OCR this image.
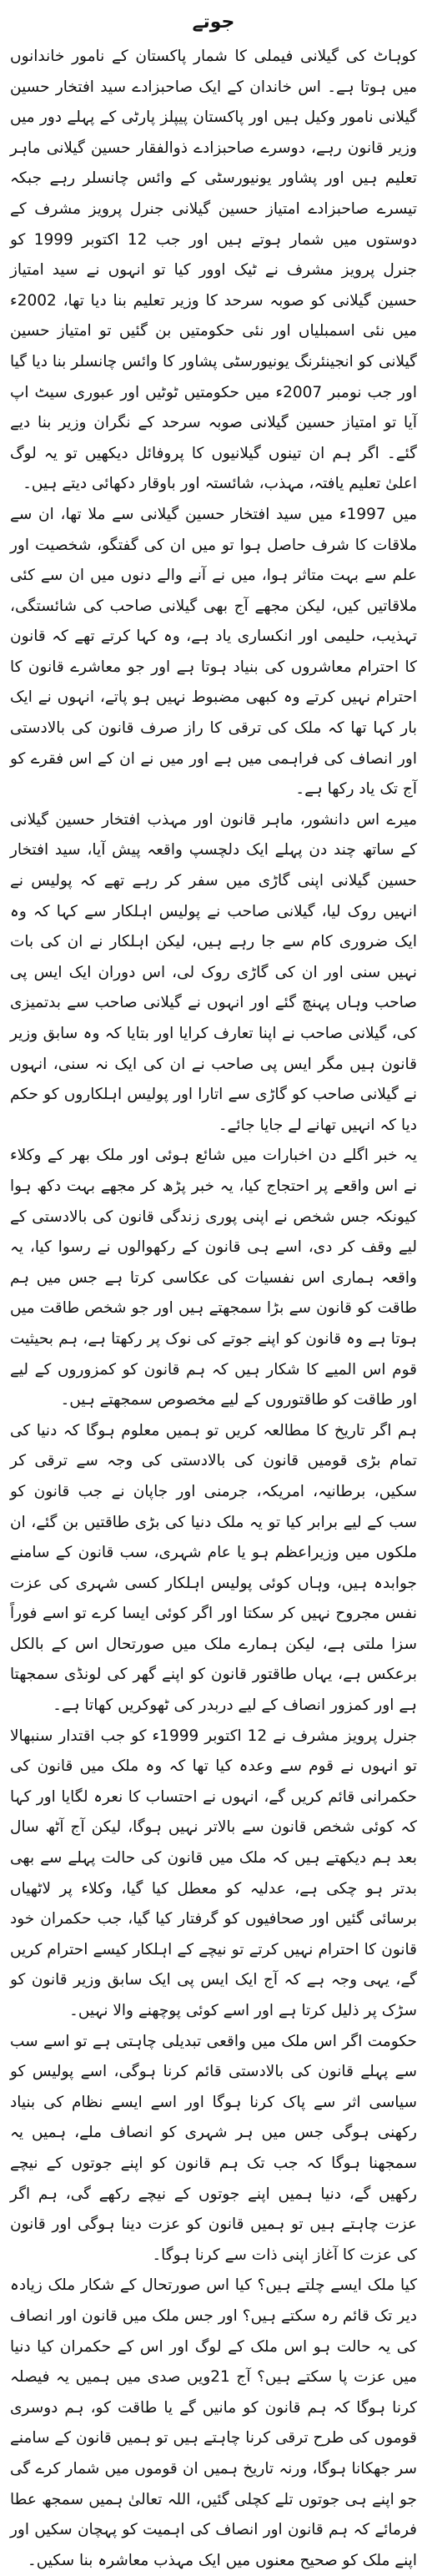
جوتے

کوہاٹ کی گیلانی فیملی کا شمار پاکستان کے نامور خاندانوں میں ہوتا ہے۔ اس خاندان کے ایک صاحبزادے سید افتخار حسین گیلانی نامور وکیل ہیں اور پاکستان پیپلز پارٹی کے پہلے دور میں وزیر قانون رہے، دوسرے صاحبزادے ذوالفقار حسین گیلانی ماہر تعلیم ہیں اور پشاور یونیورسٹی کے وائس چانسلر رہے جبکہ تیسرے صاحبزادے امتیاز حسین گیلانی جنرل پرویز مشرف کے دوستوں میں شمار ہوتے ہیں اور جب 12 اکتوبر 1999 کو جنرل پرویز مشرف نے ٹیک اوور کیا تو انہوں نے سید امتیاز حسین گیلانی کو صوبہ سرحد کا وزیر تعلیم بنا دیا تھا، 2002ء میں نئی اسمبلیاں اور نئی حکومتیں بن گئیں تو امتیاز حسین گیلانی کو انجینئرنگ یونیورسٹی پشاور کا وائس چانسلر بنا دیا گیا اور جب نومبر 2007ء میں حکومتیں ٹوٹیں اور عبوری سیٹ اپ آیا تو امتیاز حسین گیلانی صوبہ سرحد کے نگران وزیر بنا دیے گئے۔ اگر ہم ان تینوں گیلانیوں کا پروفائل دیکھیں تو یہ لوگ اعلیٰ تعلیم یافتہ، مہذب، شائستہ اور باوقار دکھائی دیتے ہیں۔

میں 1997ء میں سید افتخار حسین گیلانی سے ملا تھا، ان سے ملاقات کا شرف حاصل ہوا تو میں ان کی گفتگو، شخصیت اور علم سے بہت متاثر ہوا، میں نے آنے والے دنوں میں ان سے کئی ملاقاتیں کیں، لیکن مجھے آج بھی گیلانی صاحب کی شائستگی، تہذیب، حلیمی اور انکساری یاد ہے، وہ کہا کرتے تھے کہ قانون کا احترام معاشروں کی بنیاد ہوتا ہے اور جو معاشرے قانون کا احترام نہیں کرتے وہ کبھی مضبوط نہیں ہو پاتے، انہوں نے ایک بار کہا تھا کہ ملک کی ترقی کا راز صرف قانون کی بالادستی اور انصاف کی فراہمی میں ہے اور میں نے ان کے اس فقرے کو آج تک یاد رکھا ہے۔

میرے اس دانشور، ماہر قانون اور مہذب افتخار حسین گیلانی کے ساتھ چند دن پہلے ایک دلچسپ واقعہ پیش آیا، سید افتخار حسین گیلانی اپنی گاڑی میں سفر کر رہے تھے کہ پولیس نے انہیں روک لیا، گیلانی صاحب نے پولیس اہلکار سے کہا کہ وہ ایک ضروری کام سے جا رہے ہیں، لیکن اہلکار نے ان کی بات نہیں سنی اور ان کی گاڑی روک لی، اس دوران ایک ایس پی صاحب وہاں پہنچ گئے اور انہوں نے گیلانی صاحب سے بدتمیزی کی، گیلانی صاحب نے اپنا تعارف کرایا اور بتایا کہ وہ سابق وزیر قانون ہیں مگر ایس پی صاحب نے ان کی ایک نہ سنی، انہوں نے گیلانی صاحب کو گاڑی سے اتارا اور پولیس اہلکاروں کو حکم دیا کہ انہیں تھانے لے جایا جائے۔

یہ خبر اگلے دن اخبارات میں شائع ہوئی اور ملک بھر کے وکلاء نے اس واقعے پر احتجاج کیا، یہ خبر پڑھ کر مجھے بہت دکھ ہوا کیونکہ جس شخص نے اپنی پوری زندگی قانون کی بالادستی کے لیے وقف کر دی، اسے ہی قانون کے رکھوالوں نے رسوا کیا، یہ واقعہ ہماری اس نفسیات کی عکاسی کرتا ہے جس میں ہم طاقت کو قانون سے بڑا سمجھتے ہیں اور جو شخص طاقت میں ہوتا ہے وہ قانون کو اپنے جوتے کی نوک پر رکھتا ہے، ہم بحیثیت قوم اس المیے کا شکار ہیں کہ ہم قانون کو کمزوروں کے لیے اور طاقت کو طاقتوروں کے لیے مخصوص سمجھتے ہیں۔

ہم اگر تاریخ کا مطالعہ کریں تو ہمیں معلوم ہوگا کہ دنیا کی تمام بڑی قومیں قانون کی بالادستی کی وجہ سے ترقی کر سکیں، برطانیہ، امریکہ، جرمنی اور جاپان نے جب قانون کو سب کے لیے برابر کیا تو یہ ملک دنیا کی بڑی طاقتیں بن گئے، ان ملکوں میں وزیراعظم ہو یا عام شہری، سب قانون کے سامنے جوابدہ ہیں، وہاں کوئی پولیس اہلکار کسی شہری کی عزت نفس مجروح نہیں کر سکتا اور اگر کوئی ایسا کرے تو اسے فوراً سزا ملتی ہے، لیکن ہمارے ملک میں صورتحال اس کے بالکل برعکس ہے، یہاں طاقتور قانون کو اپنے گھر کی لونڈی سمجھتا ہے اور کمزور انصاف کے لیے دربدر کی ٹھوکریں کھاتا ہے۔

جنرل پرویز مشرف نے 12 اکتوبر 1999ء کو جب اقتدار سنبھالا تو انہوں نے قوم سے وعدہ کیا تھا کہ وہ ملک میں قانون کی حکمرانی قائم کریں گے، انہوں نے احتساب کا نعرہ لگایا اور کہا کہ کوئی شخص قانون سے بالاتر نہیں ہوگا، لیکن آج آٹھ سال بعد ہم دیکھتے ہیں کہ ملک میں قانون کی حالت پہلے سے بھی بدتر ہو چکی ہے، عدلیہ کو معطل کیا گیا، وکلاء پر لاٹھیاں برسائی گئیں اور صحافیوں کو گرفتار کیا گیا، جب حکمران خود قانون کا احترام نہیں کرتے تو نیچے کے اہلکار کیسے احترام کریں گے، یہی وجہ ہے کہ آج ایک ایس پی ایک سابق وزیر قانون کو سڑک پر ذلیل کرتا ہے اور اسے کوئی پوچھنے والا نہیں۔

حکومت اگر اس ملک میں واقعی تبدیلی چاہتی ہے تو اسے سب سے پہلے قانون کی بالادستی قائم کرنا ہوگی، اسے پولیس کو سیاسی اثر سے پاک کرنا ہوگا اور اسے ایسے نظام کی بنیاد رکھنی ہوگی جس میں ہر شہری کو انصاف ملے، ہمیں یہ سمجھنا ہوگا کہ جب تک ہم قانون کو اپنے جوتوں کے نیچے رکھیں گے، دنیا ہمیں اپنے جوتوں کے نیچے رکھے گی، ہم اگر عزت چاہتے ہیں تو ہمیں قانون کو عزت دینا ہوگی اور قانون کی عزت کا آغاز اپنی ذات سے کرنا ہوگا۔

کیا ملک ایسے چلتے ہیں؟ کیا اس صورتحال کے شکار ملک زیادہ دیر تک قائم رہ سکتے ہیں؟ اور جس ملک میں قانون اور انصاف کی یہ حالت ہو اس ملک کے لوگ اور اس کے حکمران کیا دنیا میں عزت پا سکتے ہیں؟ آج 21ویں صدی میں ہمیں یہ فیصلہ کرنا ہوگا کہ ہم قانون کو مانیں گے یا طاقت کو، ہم دوسری قوموں کی طرح ترقی کرنا چاہتے ہیں تو ہمیں قانون کے سامنے سر جھکانا ہوگا، ورنہ تاریخ ہمیں ان قوموں میں شمار کرے گی جو اپنے ہی جوتوں تلے کچلی گئیں، اللہ تعالیٰ ہمیں سمجھ عطا فرمائے کہ ہم قانون اور انصاف کی اہمیت کو پہچان سکیں اور اپنے ملک کو صحیح معنوں میں ایک مہذب معاشرہ بنا سکیں۔
